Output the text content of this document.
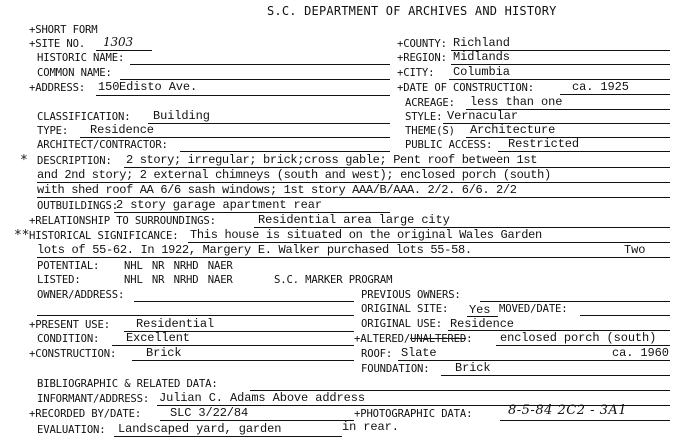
S.C. DEPARTMENT OF ARCHIVES AND HISTORY
+SHORT FORM
+SITE NO. 1303
HISTORIC NAME:
COMMON NAME:
+ADDRESS: 150 Edisto Ave.
+COUNTY: Richland
+REGION: Midlands
+CITY: Columbia
+DATE OF CONSTRUCTION:	ca. 1925
ACREAGE: less than one
CLASSIFICATION: Building	STYLE: Vernacular
TYPE: Residence	THEME(S) Architecture
ARCHITECT/CONTRACTOR:	PUBLIC ACCESS: Restricted
* DESCRIPTION: 2 story; irregular; brick;cross gable; Pent roof between 1st
and 2nd story; 2 external chimneys (south and west); enclosed porch (south)
with shed roof AA 6/6 sash windows; 1st story AAA/B/AAA. 2/2. 6/6. 2/2
OUTBUILDINGS:
2 story garage apartment rear
+RELATIONSHIP TO SURROUNDINGS:	Residential area large city
** HISTORICAL SIGNIFICANCE: This house is situated on the original Wales Garden
lots of 55-62. In 1922, Margery E. Walker purchased lots 55-58.	Two
POTENTIAL: NHL NR NRHD NAER
LISTED:	NHL NR NRHD NAER	S.C. MARKER PROGRAM
OWNER/ADDRESS:	PREVIOUS OWNERS:
ORIGINAL SITE: Yes MOVED/DATE:
+PRESENT USE: Residential	ORIGINAL USE: Residence
CONDITION: Excellent	+ALTERED/UNALTERED: enclosed porch (south)
+CONSTRUCTION: Brick	ROOF: Slate	ca. 1960
FOUNDATION: Brick
BIBLIOGRAPHIC & RELATED DATA:
INFORMANT/ADDRESS: Julian C. Adams Above address
+RECORDED BY/DATE: SLC 3/22/84	+PHOTOGRAPHIC DATA:	8-5-84 2C2 - 3A1
EVALUATION: Landscaped yard, garden	in rear.
